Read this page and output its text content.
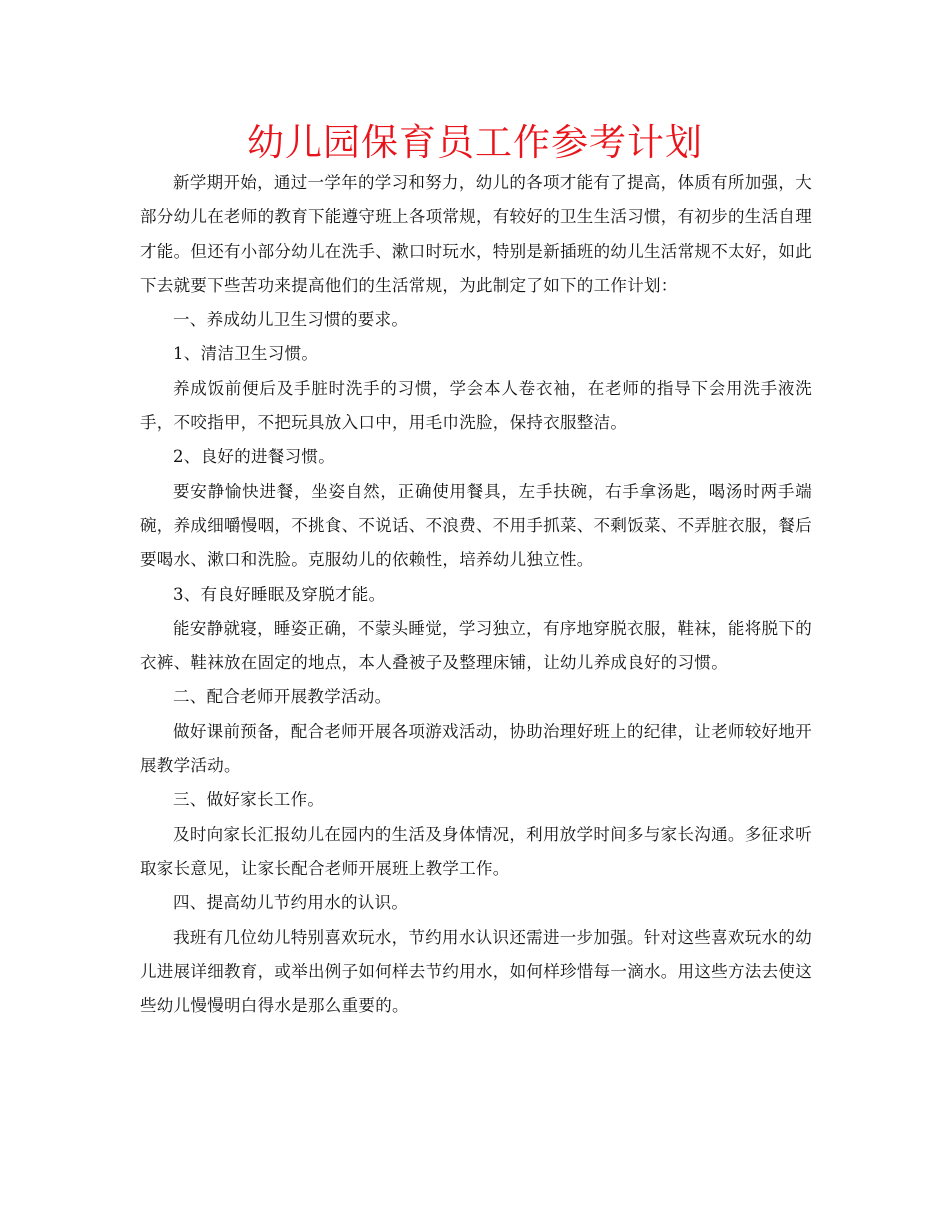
幼儿园保育员工作参考计划

新学期开始，通过一学年的学习和努力，幼儿的各项才能有了提高，体质有所加强，大部分幼儿在老师的教育下能遵守班上各项常规，有较好的卫生生活习惯，有初步的生活自理才能。但还有小部分幼儿在洗手、漱口时玩水，特别是新插班的幼儿生活常规不太好，如此下去就要下些苦功来提高他们的生活常规，为此制定了如下的工作计划：

一、养成幼儿卫生习惯的要求。

1、清洁卫生习惯。

养成饭前便后及手脏时洗手的习惯，学会本人卷衣袖，在老师的指导下会用洗手液洗手，不咬指甲，不把玩具放入口中，用毛巾洗脸，保持衣服整洁。

2、良好的进餐习惯。

要安静愉快进餐，坐姿自然，正确使用餐具，左手扶碗，右手拿汤匙，喝汤时两手端碗，养成细嚼慢咽，不挑食、不说话、不浪费、不用手抓菜、不剩饭菜、不弄脏衣服，餐后要喝水、漱口和洗脸。克服幼儿的依赖性，培养幼儿独立性。

3、有良好睡眠及穿脱才能。

能安静就寝，睡姿正确，不蒙头睡觉，学习独立，有序地穿脱衣服，鞋袜，能将脱下的衣裤、鞋袜放在固定的地点，本人叠被子及整理床铺，让幼儿养成良好的习惯。

二、配合老师开展教学活动。

做好课前预备，配合老师开展各项游戏活动，协助治理好班上的纪律，让老师较好地开展教学活动。

三、做好家长工作。

及时向家长汇报幼儿在园内的生活及身体情况，利用放学时间多与家长沟通。多征求听取家长意见，让家长配合老师开展班上教学工作。

四、提高幼儿节约用水的认识。

我班有几位幼儿特别喜欢玩水，节约用水认识还需进一步加强。针对这些喜欢玩水的幼儿进展详细教育，或举出例子如何样去节约用水，如何样珍惜每一滴水。用这些方法去使这些幼儿慢慢明白得水是那么重要的。
